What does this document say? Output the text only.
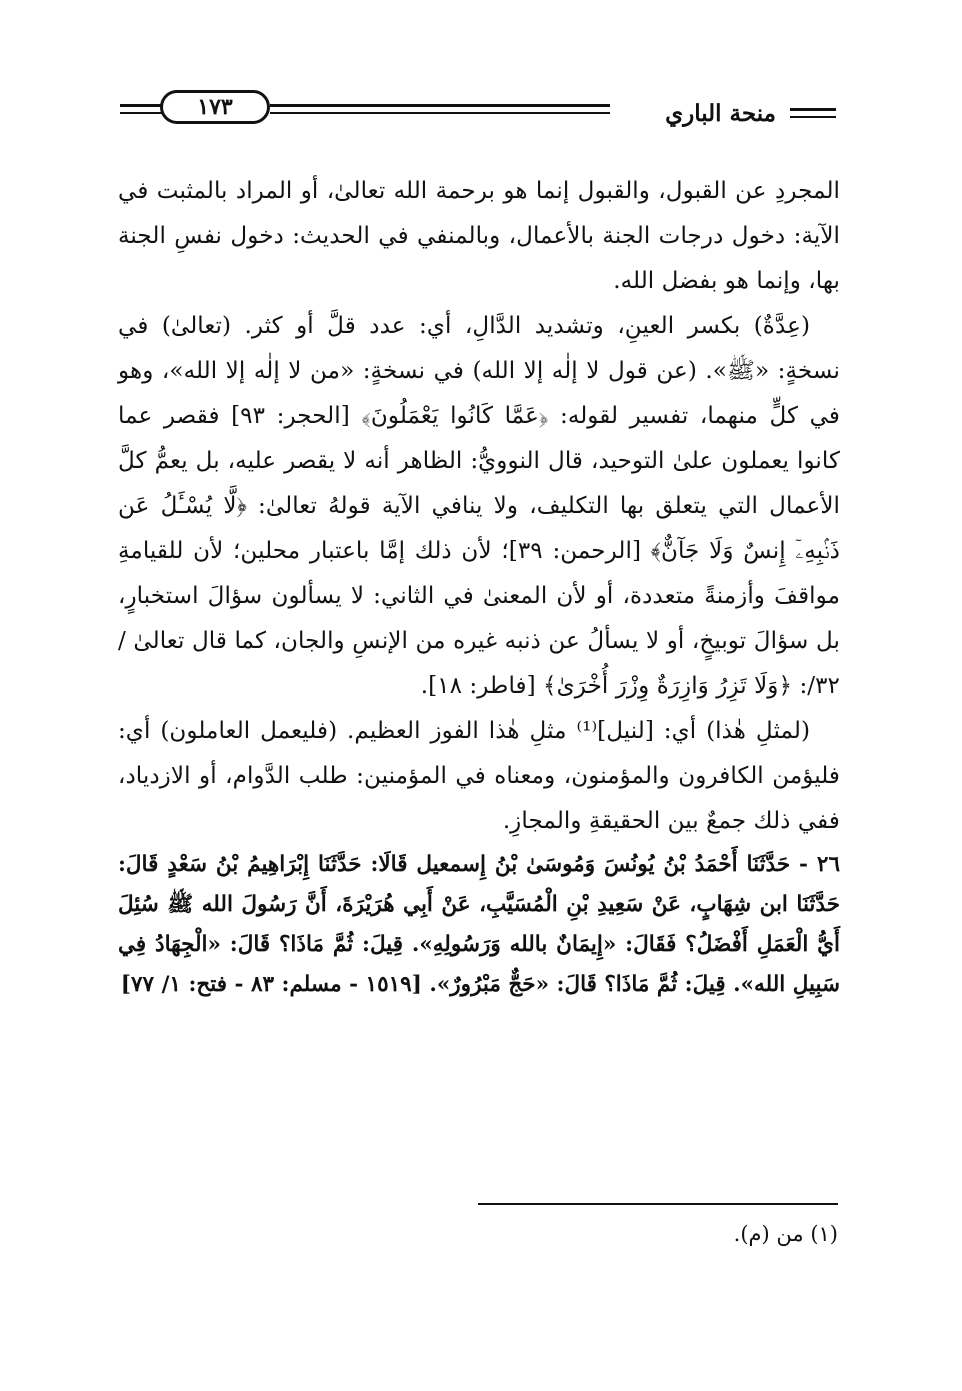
١٧٣	منحة الباري

المجردِ عن القبول، والقبول إنما هو برحمة الله تعالىٰ، أو المراد بالمثبت في الآية: دخول درجات الجنة بالأعمال، وبالمنفي في الحديث: دخول نفسِ الجنة بها، وإنما هو بفضل الله.

(عِدَّةٌ) بكسر العينِ، وتشديد الدَّالِ، أي: عدد قلَّ أو كثر. (تعالىٰ) في نسخةٍ: «ﷺ». (عن قول لا إلٰه إلا الله) في نسخةٍ: «من لا إلٰه إلا الله»، وهو في كلٍّ منهما، تفسير لقوله: ﴿عَمَّا كَانُوا يَعْمَلُونَ﴾ [الحجر: ٩٣] فقصر عما كانوا يعملون علىٰ التوحيد، قال النوويُّ: الظاهر أنه لا يقصر عليه، بل يعمُّ كلَّ الأعمال التي يتعلق بها التكليف، ولا ينافي الآية قولهُ تعالىٰ: ﴿لَّا يُسْـَٔلُ عَن ذَنۢبِهِۦٓ إِنسٌ وَلَا جَآنٌّ﴾ [الرحمن: ٣٩]؛ لأن ذلك إمَّا باعتبار محلين؛ لأن للقيامةِ مواقفَ وأزمنةً متعددة، أو لأن المعنىٰ في الثاني: لا يسألون سؤالَ استخبارٍ، بل سؤالَ توبيخٍ، أو لا يسألُ عن ذنبه غيره من الإنسِ والجان، كما قال تعالىٰ / ٣٢/: ﴿وَلَا تَزِرُ وَازِرَةٌ وِزْرَ أُخْرَىٰ﴾ [فاطر: ١٨].

(لمثلِ هٰذا) أي: [لنيل]⁽¹⁾ مثلِ هٰذا الفوز العظيم. (فليعمل العاملون) أي: فليؤمن الكافرون والمؤمنون، ومعناه في المؤمنين: طلب الدَّوام، أو الازدياد، ففي ذلك جمعٌ بين الحقيقةِ والمجازِ.

٢٦ - حَدَّثَنَا أَحْمَدُ بْنُ يُونُسَ وَمُوسَىٰ بْنُ إِسمعيل قَالَا: حَدَّثَنَا إِبْرَاهِيمُ بْنُ سَعْدٍ قَالَ: حَدَّثَنَا ابن شِهَابٍ، عَنْ سَعِيدِ بْنِ الْمُسَيَّبِ، عَنْ أَبِي هُرَيْرَةَ، أَنَّ رَسُولَ الله ﷺ سُئِلَ أَيُّ الْعَمَلِ أَفْضَلُ؟ فَقَالَ: «إِيمَانٌ بالله وَرَسُولِهِ». قِيلَ: ثُمَّ مَاذَا؟ قَالَ: «الْجِهَادُ فِي سَبِيلِ الله». قِيلَ: ثُمَّ مَاذَا؟ قَالَ: «حَجٌّ مَبْرُورٌ». [١٥١٩ - مسلم: ٨٣ - فتح: ١/ ٧٧]

(١) من (م).
